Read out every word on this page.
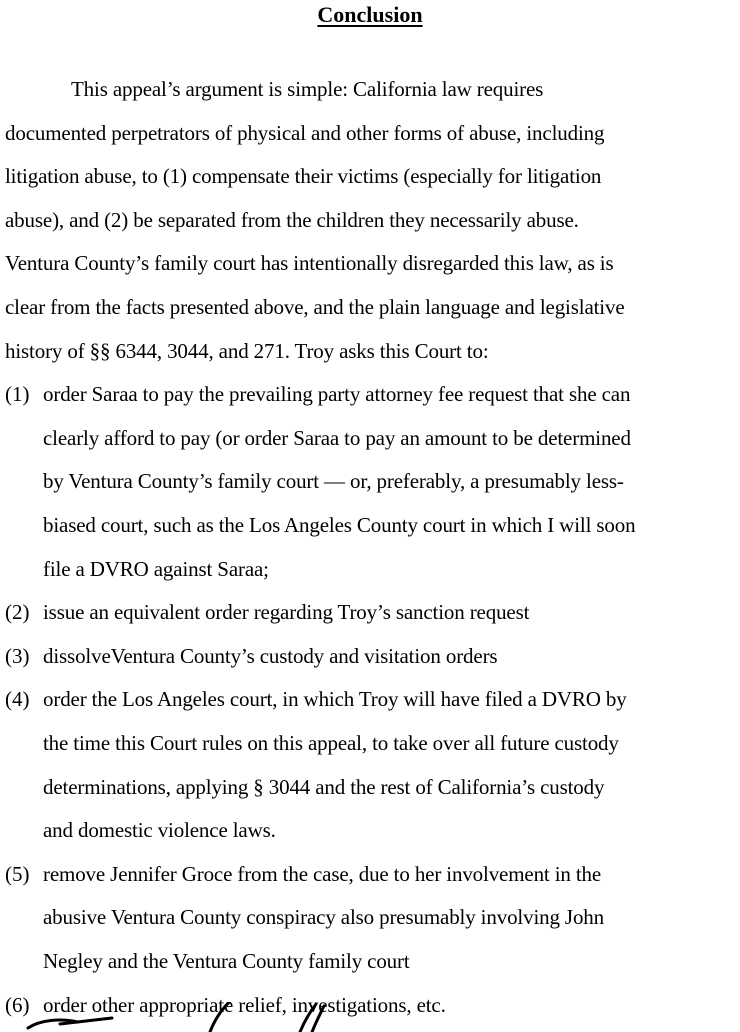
Conclusion
This appeal’s argument is simple: California law requires
documented perpetrators of physical and other forms of abuse, including
litigation abuse, to (1) compensate their victims (especially for litigation
abuse), and (2) be separated from the children they necessarily abuse.
Ventura County’s family court has intentionally disregarded this law, as is
clear from the facts presented above, and the plain language and legislative
history of §§ 6344, 3044, and 271. Troy asks this Court to:
(1) order Saraa to pay the prevailing party attorney fee request that she can
clearly afford to pay (or order Saraa to pay an amount to be determined
by Ventura County’s family court — or, preferably, a presumably less-
biased court, such as the Los Angeles County court in which I will soon
file a DVRO against Saraa;
(2) issue an equivalent order regarding Troy’s sanction request
(3) dissolveVentura County’s custody and visitation orders
(4) order the Los Angeles court, in which Troy will have filed a DVRO by
the time this Court rules on this appeal, to take over all future custody
determinations, applying § 3044 and the rest of California’s custody
and domestic violence laws.
(5) remove Jennifer Groce from the case, due to her involvement in the
abusive Ventura County conspiracy also presumably involving John
Negley and the Ventura County family court
(6) order other appropriate relief, investigations, etc.
